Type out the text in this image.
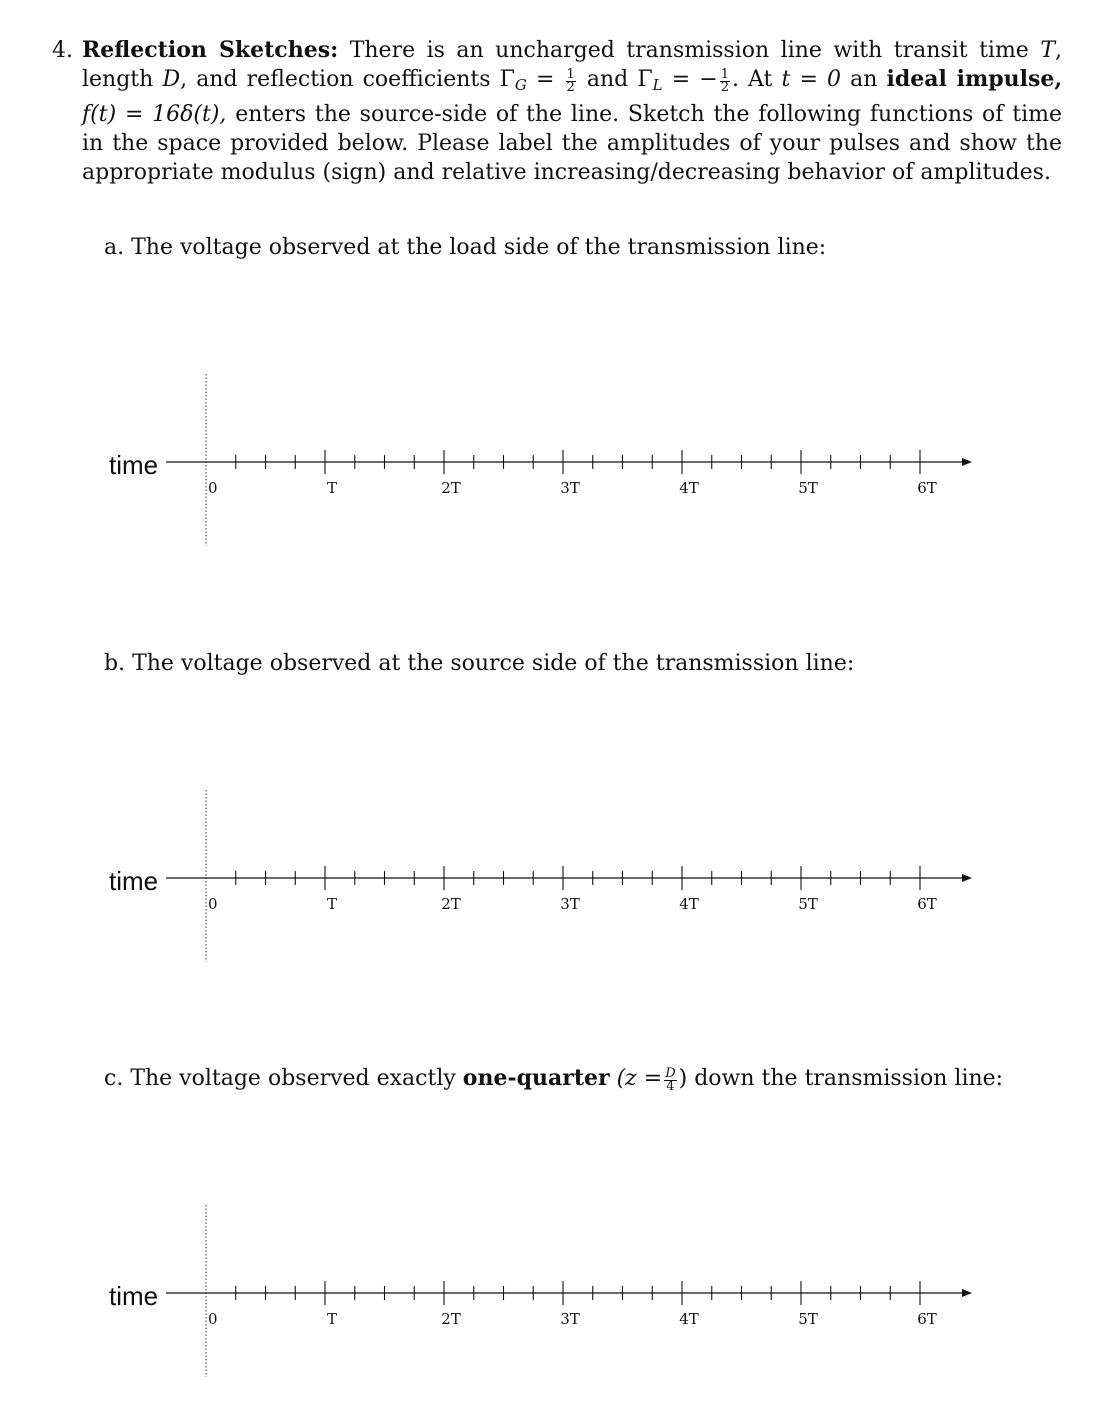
4. Reflection Sketches: There is an uncharged transmission line with transit time T, length D, and reflection coefficients $\Gamma_G = \frac{1}{2}$ and $\Gamma_L$ = − $\frac{1}{2}$ . At t = 0 an ideal impulse, f(t) = 16δ(t), enters the source-side of the line. Sketch the following functions of time in the space provided below. Please label the amplitudes of your pulses and show the appropriate modulus (sign) and relative increasing/decreasing behavior of amplitudes.
a. The voltage observed at the load side of the transmission line:
time
0	T	2T	3T	4T	5T	6T
b. The voltage observed at the source side of the transmission line:
time
0	T	2T	3T	4T	5T	6T
c. The voltage observed exactly one-quarter ($z = \frac{D}{4}$ ) down the transmission line:
time
0	T	2T	3T	4T	5T	6T
